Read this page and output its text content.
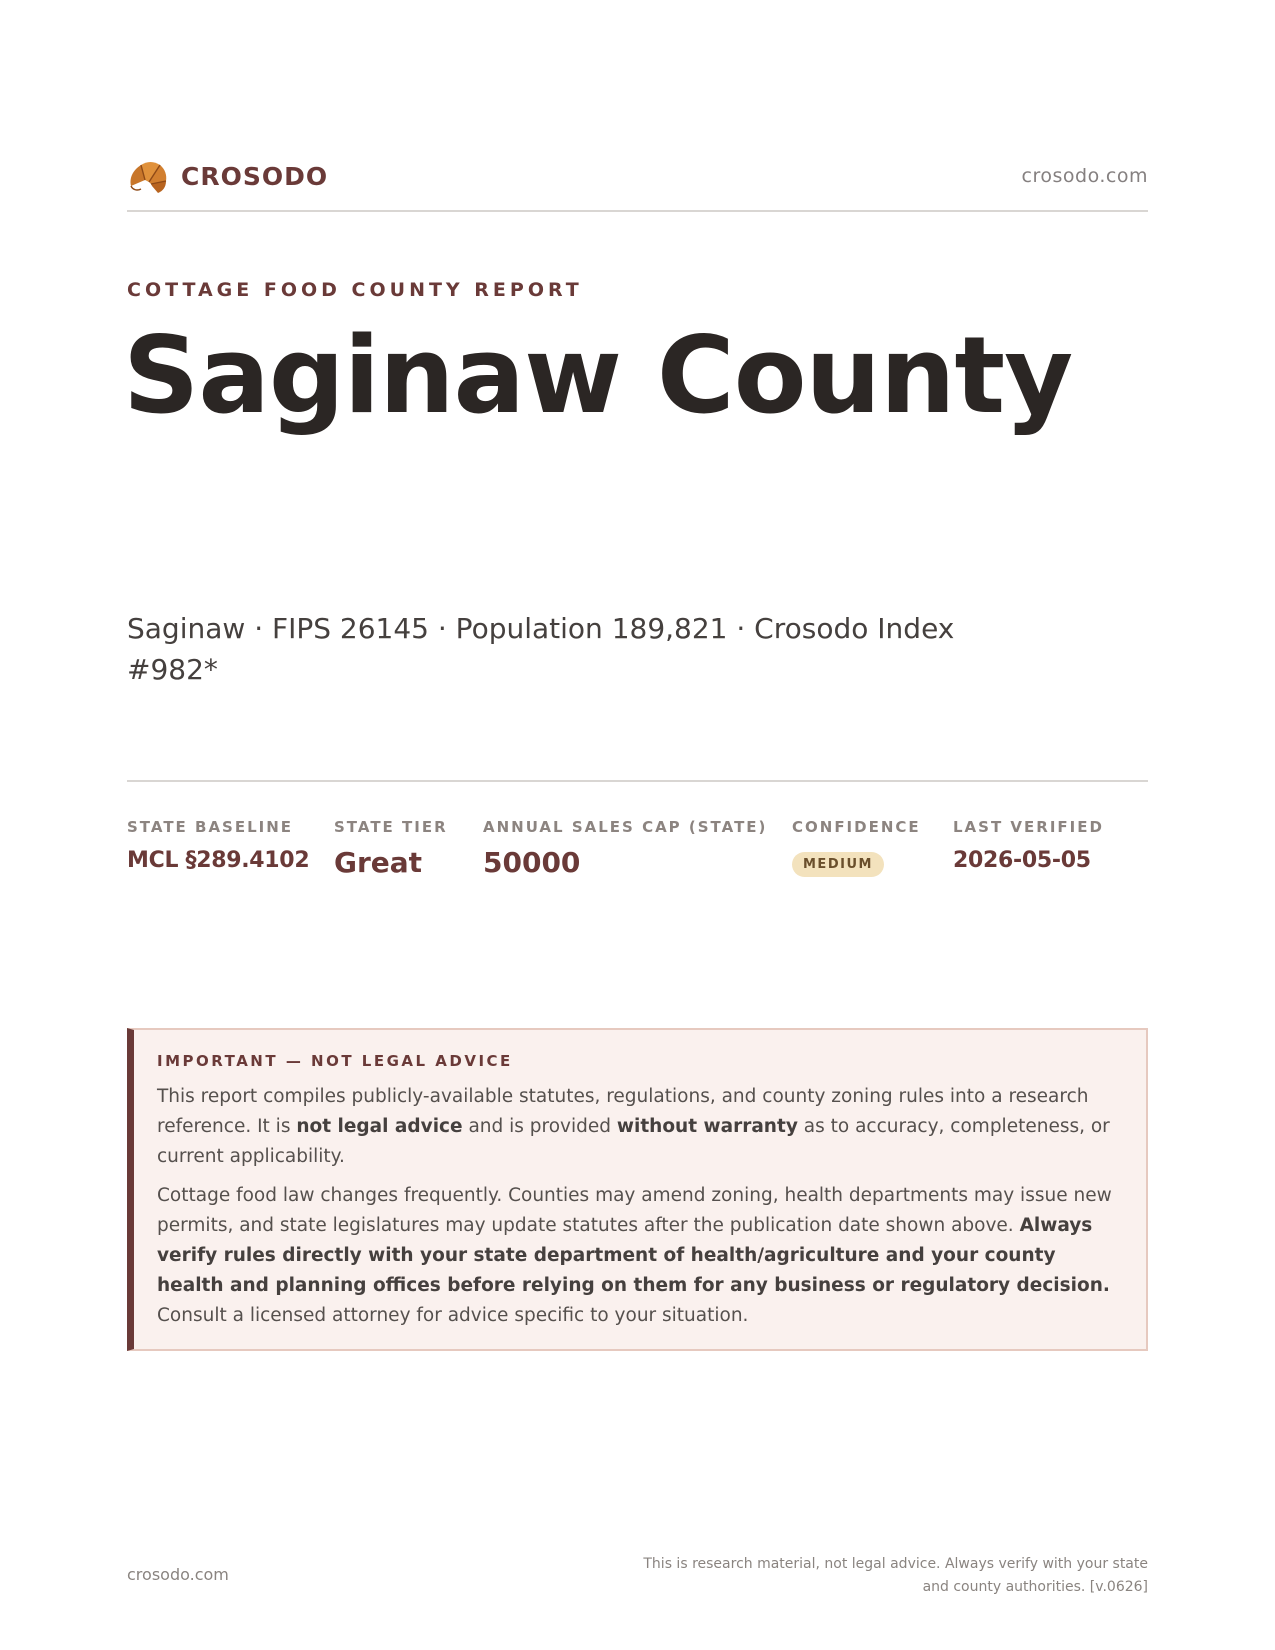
CROSODO	crosodo.com
COTTAGE FOOD COUNTY REPORT
Saginaw County
Saginaw · FIPS 26145 · Population 189,821 · Crosodo Index #982*
STATE BASELINE
MCL §289.4102
STATE TIER
Great
ANNUAL SALES CAP (STATE)
50000
CONFIDENCE
MEDIUM
LAST VERIFIED
2026-05-05
IMPORTANT — NOT LEGAL ADVICE

This report compiles publicly-available statutes, regulations, and county zoning rules into a research reference. It is not legal advice and is provided without warranty as to accuracy, completeness, or current applicability.

Cottage food law changes frequently. Counties may amend zoning, health departments may issue new permits, and state legislatures may update statutes after the publication date shown above. Always verify rules directly with your state department of health/agriculture and your county health and planning offices before relying on them for any business or regulatory decision. Consult a licensed attorney for advice specific to your situation.

crosodo.com
This is research material, not legal advice. Always verify with your state and county authorities. [v.0626]
